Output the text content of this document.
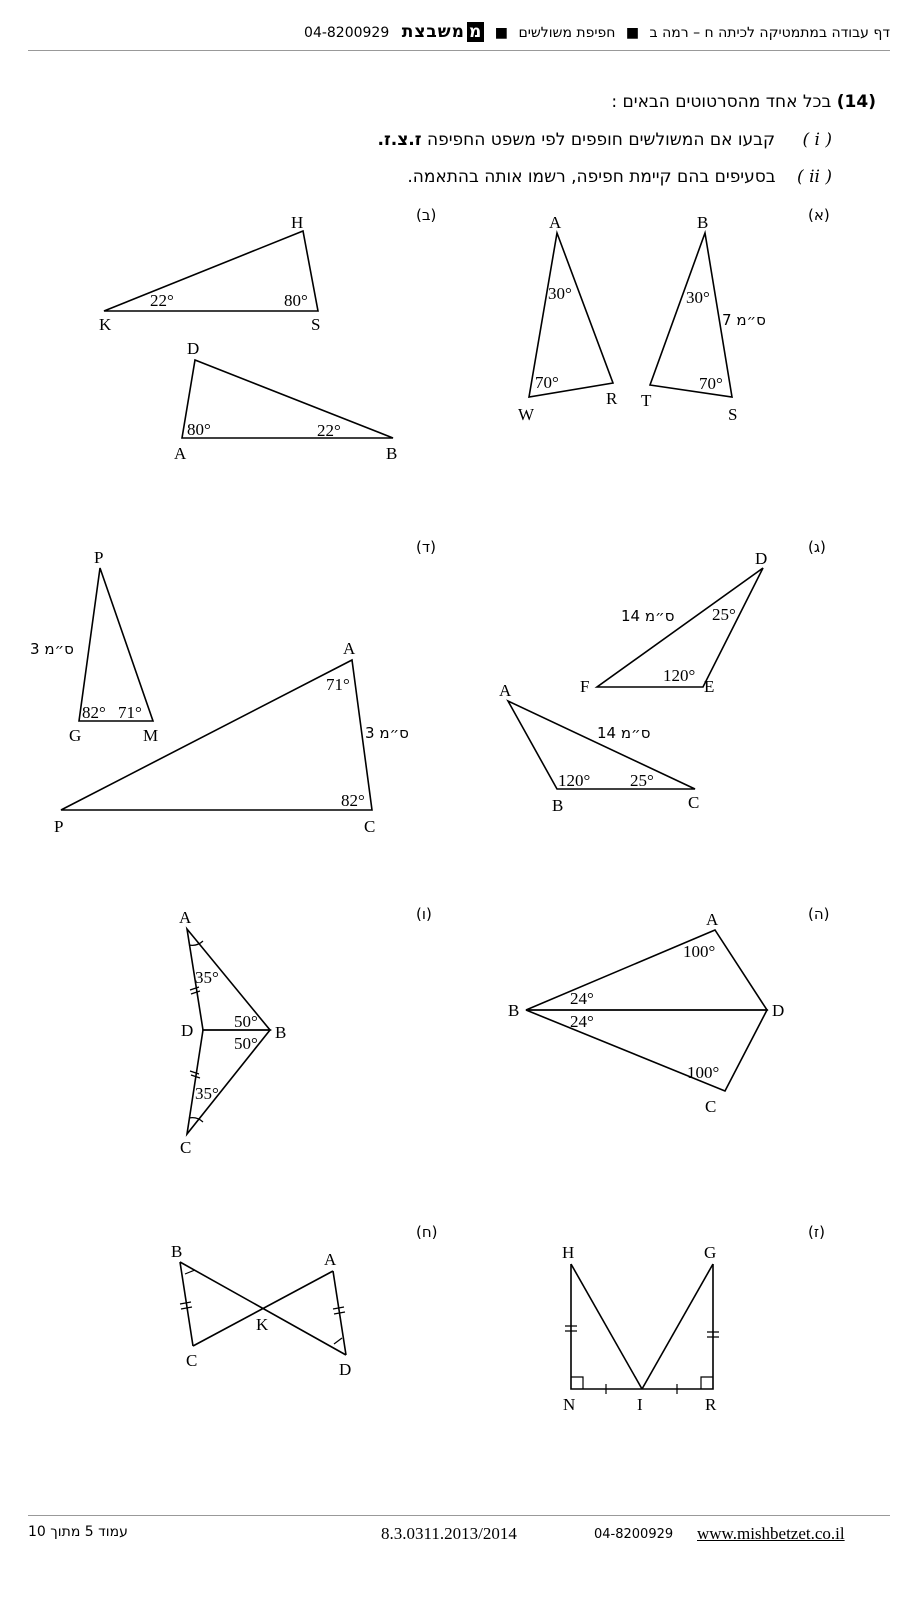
דף עבודה במתמטיקה לכיתה ח – רמה ב ■ חפיפת משולשים ■ ממשבצת 04-8200929
(14) בכל אחד מהסרטוטים הבאים :
( i ) קבעו אם המשולשים חופפים לפי משפט החפיפה ז.צ.ז.
( ii ) בסעיפים בהם קיימת חפיפה, רשמו אותה בהתאמה.
(א)
(ב)
(ג)
(ד)
(ה)
(ו)
(ז)
(ח)
A
W
R
30°
70°
B
T
S
30°
70°
7 ס״מ
H
K	S
22°	80°
D
A	B
80°	22°
D
F	E
25°
120°
14 ס״מ
A
B	C
120° 25°
14 ס״מ
P
G	M
82° 71°
3 ס״מ	A
P	C
71°
82°
3 ס״מ
A
B
C
D
100°
100°
24°
24°
A
D	B
C
35°
35°
50°
50°
H	G
N	I	R
B	A
K
C	D
עמוד 5 מתוך 10	8.3.0311.2013/2014	04-8200929 www.mishbetzet.co.il
